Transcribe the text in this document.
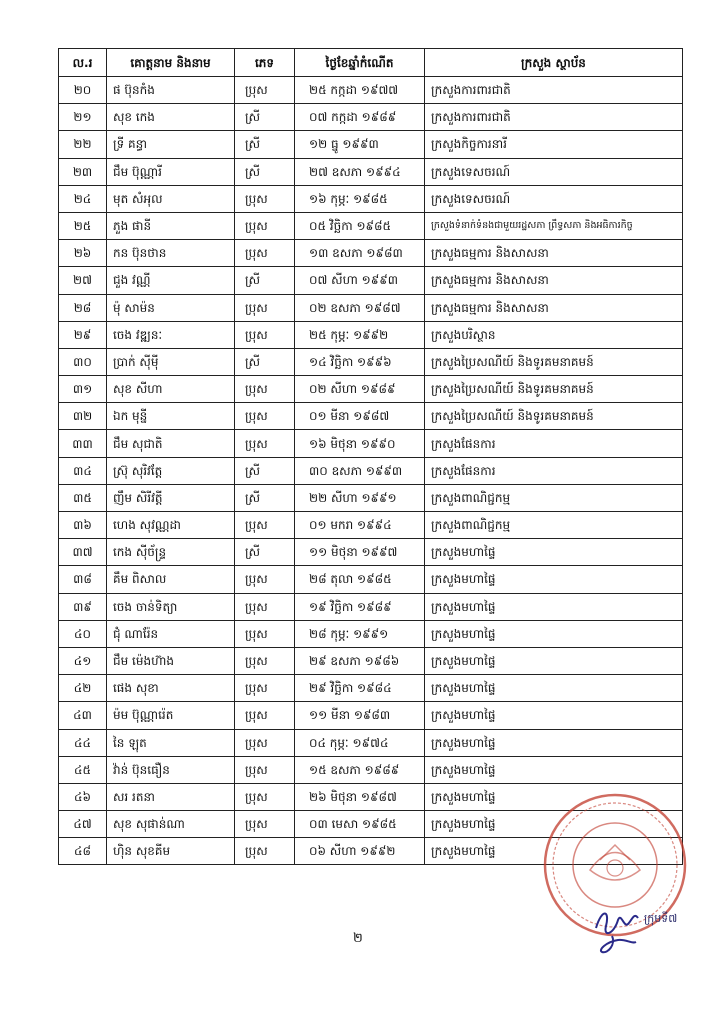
ល.រ	គោត្តនាម និងនាម	ភេទ	ថ្ងៃខែឆ្នាំកំណើត	ក្រសួង ស្ថាប័ន
២០	ផ ប៊ុនកំង	ប្រុស	២៥ កក្កដា ១៩៧៧	ក្រសួងការពារជាតិ
២១	សុខ កេង	ស្រី	០៧ កក្កដា ១៩៨៩	ក្រសួងការពារជាតិ
២២	ទ្រី គន្ធា	ស្រី	១២ ធ្នូ ១៩៩៣	ក្រសួងកិច្ចការនារី
២៣	ជឹម ប៊ុណ្ណារី	ស្រី	២៧ ឧសភា ១៩៩៤	ក្រសួងទេសចរណ៍
២៤	មុត សំអុល	ប្រុស	១៦ កុម្ភៈ ១៩៨៥	ក្រសួងទេសចរណ៍
២៥	ភួង ផានី	ប្រុស	០៥ វិច្ឆិកា ១៩៨៥	ក្រសួងទំនាក់ទំនងជាមួយរដ្ឋសភា ព្រឹទ្ធសភា និងអធិការកិច្ច
២៦	កន ប៊ុនថាន	ប្រុស	១៣ ឧសភា ១៩៨៣	ក្រសួងធម្មការ និងសាសនា
២៧	ជួង វណ្ណី	ស្រី	០៧ សីហា ១៩៩៣	ក្រសួងធម្មការ និងសាសនា
២៨	ម៉ុ សាម៉ន	ប្រុស	០២ ឧសភា ១៩៨៧	ក្រសួងធម្មការ និងសាសនា
២៩	ចេង វឌ្ឍនៈ	ប្រុស	២៥ កុម្ភៈ ១៩៩២	ក្រសួងបរិស្ថាន
៣០	ប្រាក់ ស៊ីម៉ី	ស្រី	១៤ វិច្ឆិកា ១៩៩៦	ក្រសួងប្រៃសណីយ៍ និងទូរគមនាគមន៍
៣១	សុខ សីហា	ប្រុស	០២ សីហា ១៩៨៩	ក្រសួងប្រៃសណីយ៍ និងទូរគមនាគមន៍
៣២	ឯក មុន្នី	ប្រុស	០១ មីនា ១៩៨៧	ក្រសួងប្រៃសណីយ៍ និងទូរគមនាគមន៍
៣៣	ជឹម សុជាតិ	ប្រុស	១៦ មិថុនា ១៩៩០	ក្រសួងផែនការ
៣៤	ស៊្រុ សុរិវត្តែ	ស្រី	៣០ ឧសភា ១៩៩៣	ក្រសួងផែនការ
៣៥	ញឹម សិរីវត្តី	ស្រី	២២ សីហា ១៩៩១	ក្រសួងពាណិជ្ជកម្ម
៣៦	ហេង សុវណ្ណដា	ប្រុស	០១ មករា ១៩៩៤	ក្រសួងពាណិជ្ជកម្ម
៣៧	កេង ស៊ីច័ន្ទ្រ	ស្រី	១១ មិថុនា ១៩៩៧	ក្រសួងមហាផ្ទៃ
៣៨	គឹម ពិសាល	ប្រុស	២៨ តុលា ១៩៨៥	ក្រសួងមហាផ្ទៃ
៣៩	ចេង ចាន់ទិត្យា	ប្រុស	១៩ វិច្ឆិកា ១៩៨៩	ក្រសួងមហាផ្ទៃ
៤០	ជុំ ណារ៉ែន	ប្រុស	២៨ កុម្ភៈ ១៩៩១	ក្រសួងមហាផ្ទៃ
៤១	ជឹម ម៉េងហ៊ាង	ប្រុស	២៩ ឧសភា ១៩៨៦	ក្រសួងមហាផ្ទៃ
៤២	ផេង សុខា	ប្រុស	២៩ វិច្ឆិកា ១៩៨៤	ក្រសួងមហាផ្ទៃ
៤៣	ម៉ម ប៊ុណ្ណារ៉េត	ប្រុស	១១ មីនា ១៩៨៣	ក្រសួងមហាផ្ទៃ
៤៤	នៃ ឡុត	ប្រុស	០៤ កុម្ភៈ ១៩៧៤	ក្រសួងមហាផ្ទៃ
៤៥	វ៉ាន់ ប៊ុនធឿន	ប្រុស	១៥ ឧសភា ១៩៨៩	ក្រសួងមហាផ្ទៃ
៤៦	សរ រតនា	ប្រុស	២៦ មិថុនា ១៩៨៧	ក្រសួងមហាផ្ទៃ
៤៧	សុខ សុផាន់ណា	ប្រុស	០៣ មេសា ១៩៨៥	ក្រសួងមហាផ្ទៃ
៤៨	ហ៊ិន សុខគីម	ប្រុស	០៦ សីហា ១៩៩២	ក្រសួងមហាផ្ទៃ
ក្រុមទី៧
២
